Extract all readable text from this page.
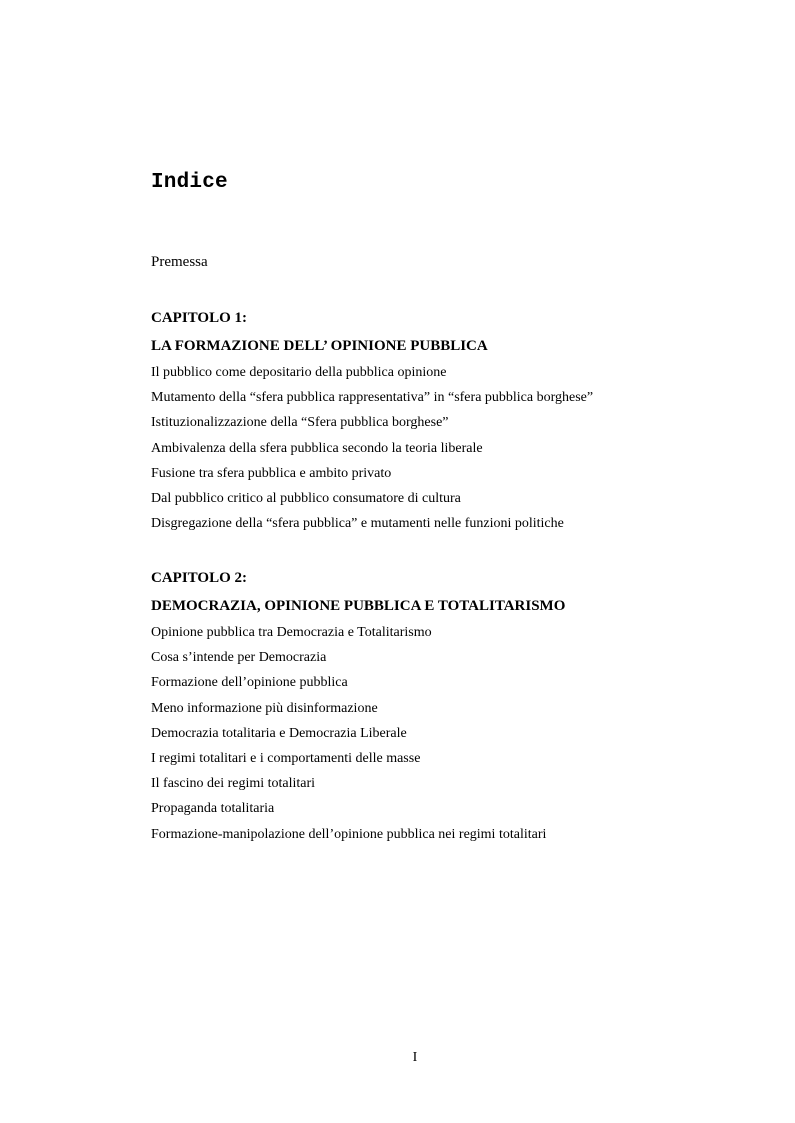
Indice
Premessa
CAPITOLO 1:
LA FORMAZIONE DELL’ OPINIONE PUBBLICA
Il pubblico come depositario della pubblica opinione
Mutamento della “sfera pubblica rappresentativa” in “sfera pubblica borghese”
Istituzionalizzazione della “Sfera pubblica borghese”
Ambivalenza della sfera pubblica secondo la teoria liberale
Fusione tra sfera pubblica e ambito privato
Dal pubblico critico al pubblico consumatore di cultura
Disgregazione della “sfera pubblica” e mutamenti nelle funzioni politiche
CAPITOLO 2:
DEMOCRAZIA, OPINIONE PUBBLICA E TOTALITARISMO
Opinione pubblica tra Democrazia e Totalitarismo
Cosa s’intende per Democrazia
Formazione dell’opinione pubblica
Meno informazione più disinformazione
Democrazia totalitaria e Democrazia Liberale
I regimi totalitari e i comportamenti delle masse
Il fascino dei regimi totalitari
Propaganda totalitaria
Formazione-manipolazione dell’opinione pubblica nei regimi totalitari
I
